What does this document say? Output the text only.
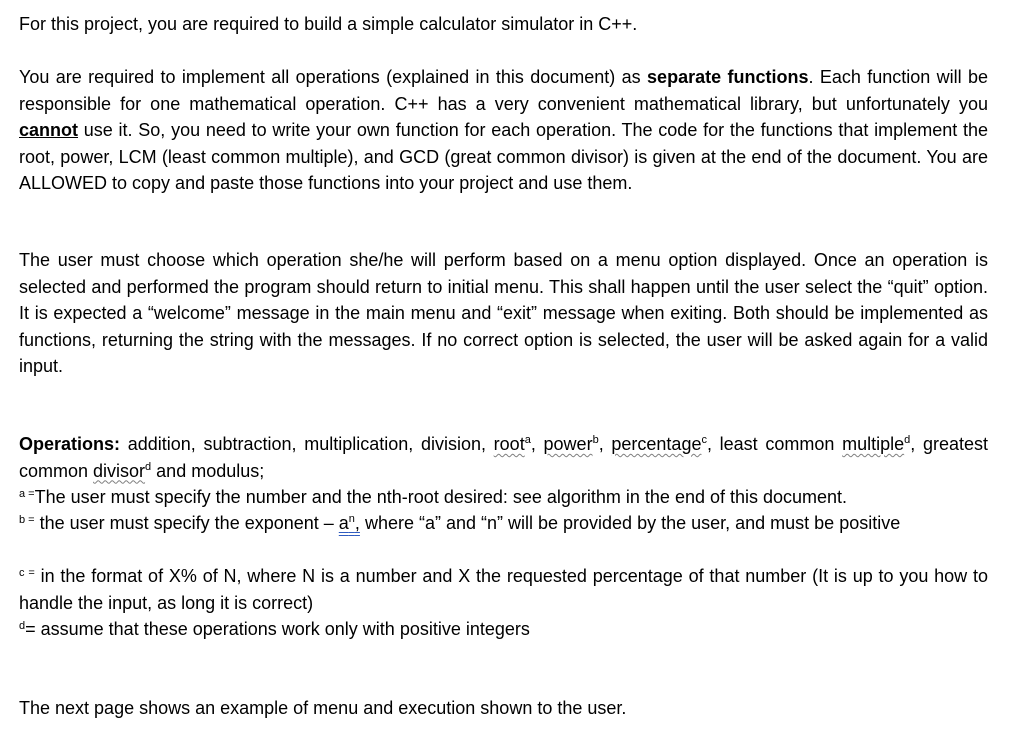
For this project, you are required to build a simple calculator simulator in C++.

You are required to implement all operations (explained in this document) as separate functions. Each function will be responsible for one mathematical operation. C++ has a very convenient mathematical library, but unfortunately you cannot use it. So, you need to write your own function for each operation. The code for the functions that implement the root, power, LCM (least common multiple), and GCD (great common divisor) is given at the end of the document. You are ALLOWED to copy and paste those functions into your project and use them.

The user must choose which operation she/he will perform based on a menu option displayed. Once an operation is selected and performed the program should return to initial menu. This shall happen until the user select the “quit” option. It is expected a “welcome” message in the main menu and “exit” message when exiting. Both should be implemented as functions, returning the string with the messages. If no correct option is selected, the user will be asked again for a valid input.

Operations: addition, subtraction, multiplication, division, root$^a$, power$^b$, percentage$^c$, least common multiple$^d$, greatest common divisor$^d$ and modulus;

$^a$ =The user must specify the number and the nth-root desired: see algorithm in the end of this document.

$^b$ = the user must specify the exponent – $a^n$, where “a” and “n” will be provided by the user, and must be positive

$^c$ = in the format of X% of N, where N is a number and X the requested percentage of that number (It is up to you how to handle the input, as long it is correct)

$^d$= assume that these operations work only with positive integers

The next page shows an example of menu and execution shown to the user.
